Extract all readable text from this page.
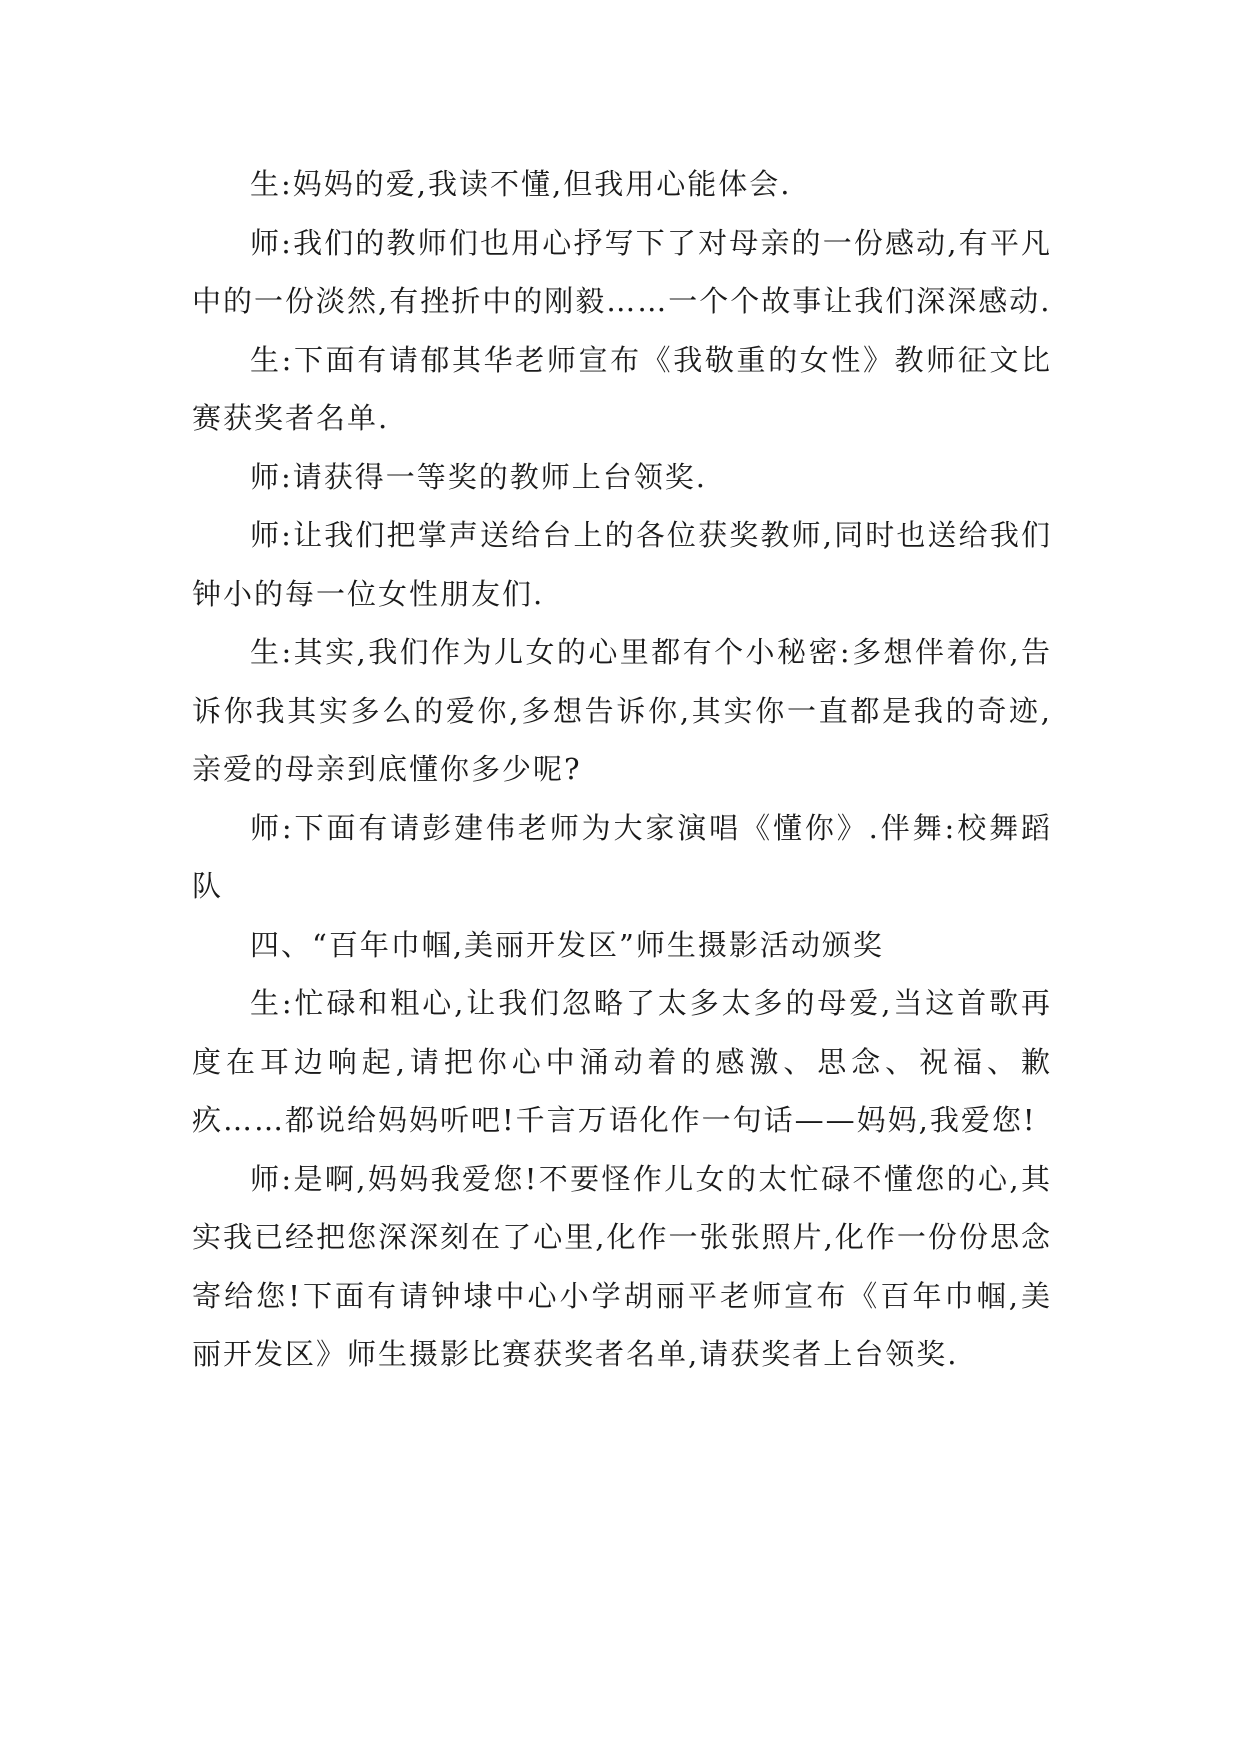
生:妈妈的爱,我读不懂,但我用心能体会.

师:我们的教师们也用心抒写下了对母亲的一份感动,有平凡中的一份淡然,有挫折中的刚毅……一个个故事让我们深深感动.

生:下面有请郁其华老师宣布《我敬重的女性》教师征文比赛获奖者名单.

师:请获得一等奖的教师上台领奖.

师:让我们把掌声送给台上的各位获奖教师,同时也送给我们钟小的每一位女性朋友们.

生:其实,我们作为儿女的心里都有个小秘密:多想伴着你,告诉你我其实多么的爱你,多想告诉你,其实你一直都是我的奇迹,亲爱的母亲到底懂你多少呢?

师:下面有请彭建伟老师为大家演唱《懂你》.伴舞:校舞蹈队

四、“百年巾帼,美丽开发区”师生摄影活动颁奖

生:忙碌和粗心,让我们忽略了太多太多的母爱,当这首歌再度在耳边响起,请把你心中涌动着的感激、思念、祝福、歉疚……都说给妈妈听吧!千言万语化作一句话——妈妈,我爱您!

师:是啊,妈妈我爱您!不要怪作儿女的太忙碌不懂您的心,其实我已经把您深深刻在了心里,化作一张张照片,化作一份份思念寄给您!下面有请钟埭中心小学胡丽平老师宣布《百年巾帼,美丽开发区》师生摄影比赛获奖者名单,请获奖者上台领奖.
